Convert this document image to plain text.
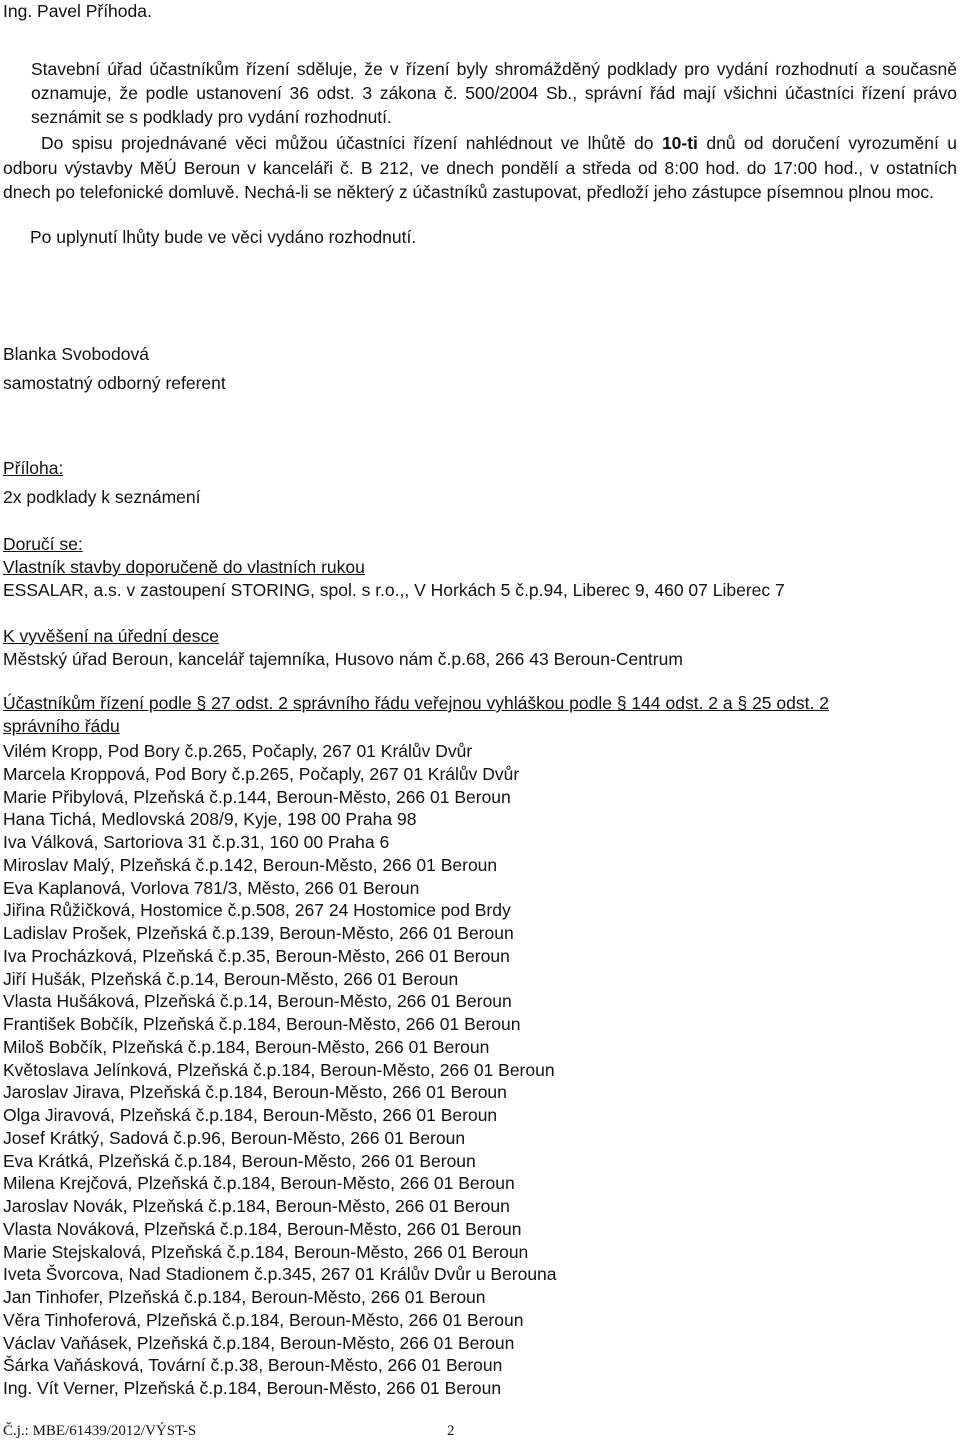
Ing. Pavel Příhoda.
Stavební úřad účastníkům řízení sděluje, že v řízení byly shromážděný podklady pro vydání rozhodnutí a současně oznamuje, že podle ustanovení 36 odst. 3 zákona č. 500/2004 Sb., správní řád mají všichni účastníci řízení právo seznámit se s podklady pro vydání rozhodnutí.
Do spisu projednávané věci můžou účastníci řízení nahlédnout ve lhůtě do 10-ti dnů od doručení vyrozumění u odboru výstavby MěÚ Beroun v kanceláři č. B 212, ve dnech pondělí a středa od 8:00 hod. do 17:00 hod., v ostatních dnech po telefonické domluvě. Nechá-li se některý z účastníků zastupovat, předloží jeho zástupce písemnou plnou moc.
Po uplynutí lhůty bude ve věci vydáno rozhodnutí.
Blanka Svobodová
samostatný odborný referent
Příloha:
2x podklady k seznámení
Doručí se:
Vlastník stavby doporučeně do vlastních rukou
ESSALAR, a.s. v zastoupení STORING, spol. s r.o.,, V Horkách 5 č.p.94, Liberec 9, 460 07 Liberec 7
K vyvěšení na úřední desce
Městský úřad Beroun, kancelář tajemníka, Husovo nám č.p.68, 266 43 Beroun-Centrum
Účastníkům řízení podle § 27 odst. 2 správního řádu veřejnou vyhláškou podle § 144 odst. 2 a § 25 odst. 2
správního řádu
Vilém Kropp, Pod Bory č.p.265, Počaply, 267 01 Králův Dvůr
Marcela Kroppová, Pod Bory č.p.265, Počaply, 267 01 Králův Dvůr
Marie Přibylová, Plzeňská č.p.144, Beroun-Město, 266 01 Beroun
Hana Tichá, Medlovská 208/9, Kyje, 198 00 Praha 98
Iva Válková, Sartoriova 31 č.p.31, 160 00 Praha 6
Miroslav Malý, Plzeňská č.p.142, Beroun-Město, 266 01 Beroun
Eva Kaplanová, Vorlova 781/3, Město, 266 01 Beroun
Jiřina Růžičková, Hostomice č.p.508, 267 24 Hostomice pod Brdy
Ladislav Prošek, Plzeňská č.p.139, Beroun-Město, 266 01 Beroun
Iva Procházková, Plzeňská č.p.35, Beroun-Město, 266 01 Beroun
Jiří Hušák, Plzeňská č.p.14, Beroun-Město, 266 01 Beroun
Vlasta Hušáková, Plzeňská č.p.14, Beroun-Město, 266 01 Beroun
František Bobčík, Plzeňská č.p.184, Beroun-Město, 266 01 Beroun
Miloš Bobčík, Plzeňská č.p.184, Beroun-Město, 266 01 Beroun
Květoslava Jelínková, Plzeňská č.p.184, Beroun-Město, 266 01 Beroun
Jaroslav Jirava, Plzeňská č.p.184, Beroun-Město, 266 01 Beroun
Olga Jiravová, Plzeňská č.p.184, Beroun-Město, 266 01 Beroun
Josef Krátký, Sadová č.p.96, Beroun-Město, 266 01 Beroun
Eva Krátká, Plzeňská č.p.184, Beroun-Město, 266 01 Beroun
Milena Krejčová, Plzeňská č.p.184, Beroun-Město, 266 01 Beroun
Jaroslav Novák, Plzeňská č.p.184, Beroun-Město, 266 01 Beroun
Vlasta Nováková, Plzeňská č.p.184, Beroun-Město, 266 01 Beroun
Marie Stejskalová, Plzeňská č.p.184, Beroun-Město, 266 01 Beroun
Iveta Švorcova, Nad Stadionem č.p.345, 267 01 Králův Dvůr u Berouna
Jan Tinhofer, Plzeňská č.p.184, Beroun-Město, 266 01 Beroun
Věra Tinhoferová, Plzeňská č.p.184, Beroun-Město, 266 01 Beroun
Václav Vaňásek, Plzeňská č.p.184, Beroun-Město, 266 01 Beroun
Šárka Vaňásková, Tovární č.p.38, Beroun-Město, 266 01 Beroun
Ing. Vít Verner, Plzeňská č.p.184, Beroun-Město, 266 01 Beroun
Č.j.: MBE/61439/2012/VÝST-S	2
